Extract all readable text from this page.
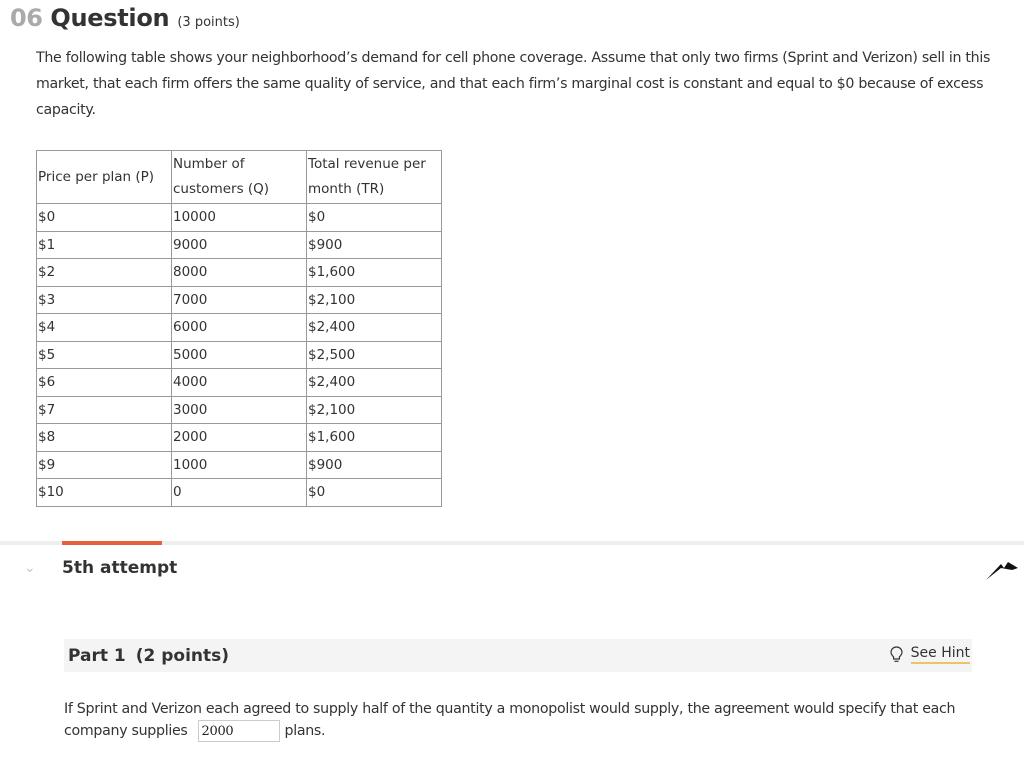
06 Question (3 points)
The following table shows your neighborhood’s demand for cell phone coverage. Assume that only two firms (Sprint and Verizon) sell in this market, that each firm offers the same quality of service, and that each firm’s marginal cost is constant and equal to $0 because of excess capacity.
Price per plan (P)	Number of customers (Q)	Total revenue per month (TR)
$0	10000	$0
$1	9000	$900
$2	8000	$1,600
$3	7000	$2,100
$4	6000	$2,400
$5	5000	$2,500
$6	4000	$2,400
$7	3000	$2,100
$8	2000	$1,600
$9	1000	$900
$10	0	$0
⌄ 5th attempt
Part 1 (2 points)	See Hint
If Sprint and Verizon each agreed to supply half of the quantity a monopolist would supply, the agreement would specify that each company supplies 2000	plans.
